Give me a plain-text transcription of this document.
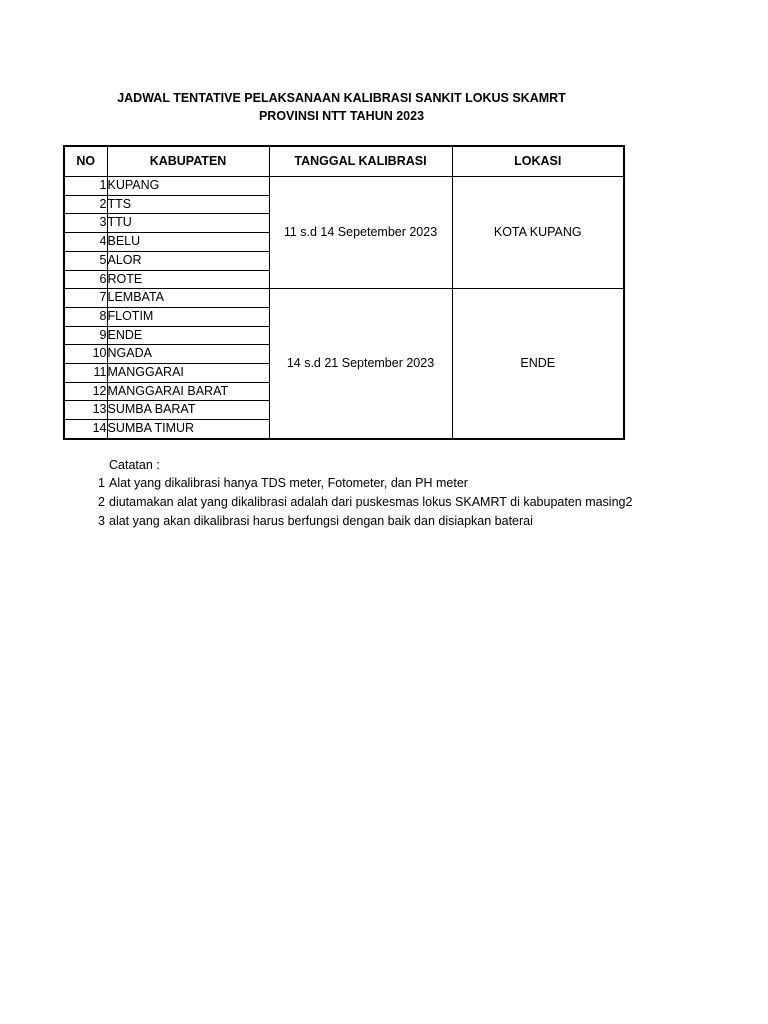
JADWAL TENTATIVE PELAKSANAAN KALIBRASI SANKIT LOKUS SKAMRT
PROVINSI NTT TAHUN 2023
NO	KABUPATEN	TANGGAL KALIBRASI	LOKASI
1	KUPANG	11 s.d 14 Sepetember 2023	KOTA KUPANG
2	TTS		
3	TTU		
4	BELU		
5	ALOR		
6	ROTE		
7	LEMBATA	14 s.d 21 September 2023	ENDE
8	FLOTIM		
9	ENDE		
10	NGADA		
11	MANGGARAI		
12	MANGGARAI BARAT		
13	SUMBA BARAT		
14	SUMBA TIMUR		
Catatan :
1 Alat yang dikalibrasi hanya TDS meter, Fotometer, dan PH meter
2 diutamakan alat yang dikalibrasi adalah dari puskesmas lokus SKAMRT di kabupaten masing2
3 alat yang akan dikalibrasi harus berfungsi dengan baik dan disiapkan baterai
